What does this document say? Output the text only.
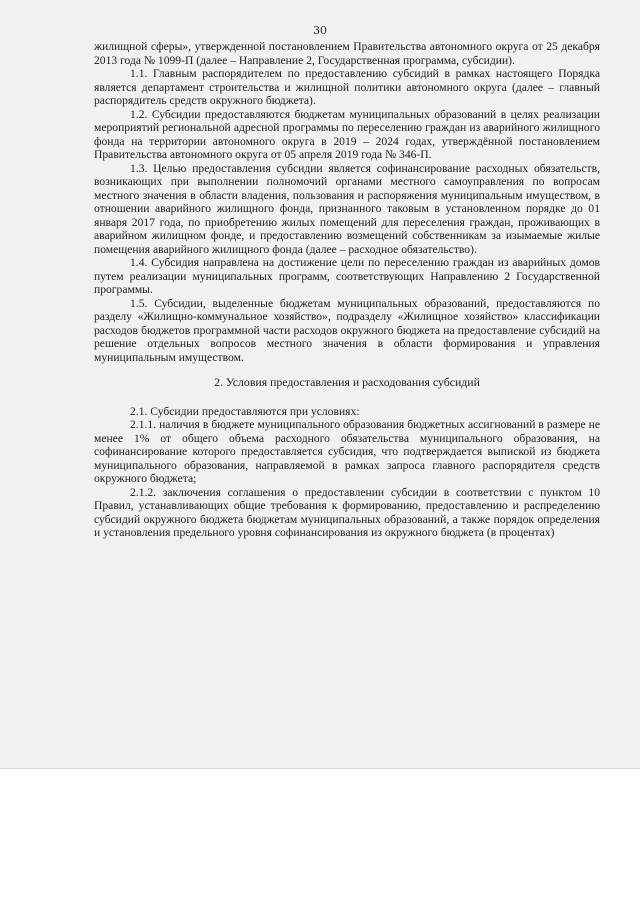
30

жилищной сферы», утвержденной постановлением Правительства автономного округа от 25 декабря 2013 года № 1099-П (далее – Направление 2, Государственная программа, субсидии).

1.1. Главным распорядителем по предоставлению субсидий в рамках настоящего Порядка является департамент строительства и жилищной политики автономного округа (далее – главный распорядитель средств окружного бюджета).

1.2. Субсидии предоставляются бюджетам муниципальных образований в целях реализации мероприятий региональной адресной программы по переселению граждан из аварийного жилищного фонда на территории автономного округа в 2019 – 2024 годах, утверждённой постановлением Правительства автономного округа от 05 апреля 2019 года № 346-П.

1.3. Целью предоставления субсидии является софинансирование расходных обязательств, возникающих при выполнении полномочий органами местного самоуправления по вопросам местного значения в области владения, пользования и распоряжения муниципальным имуществом, в отношении аварийного жилищного фонда, признанного таковым в установленном порядке до 01 января 2017 года, по приобретению жилых помещений для переселения граждан, проживающих в аварийном жилищном фонде, и предоставлению возмещений собственникам за изымаемые жилые помещения аварийного жилищного фонда (далее – расходное обязательство).

1.4. Субсидия направлена на достижение цели по переселению граждан из аварийных домов путем реализации муниципальных программ, соответствующих Направлению 2 Государственной программы.

1.5. Субсидии, выделенные бюджетам муниципальных образований, предоставляются по разделу «Жилищно-коммунальное хозяйство», подразделу «Жилищное хозяйство» классификации расходов бюджетов программной части расходов окружного бюджета на предоставление субсидий на решение отдельных вопросов местного значения в области формирования и управления муниципальным имуществом.

2. Условия предоставления и расходования субсидий

2.1. Субсидии предоставляются при условиях:

2.1.1. наличия в бюджете муниципального образования бюджетных ассигнований в размере не менее 1% от общего объема расходного обязательства муниципального образования, на софинансирование которого предоставляется субсидия, что подтверждается выпиской из бюджета муниципального образования, направляемой в рамках запроса главного распорядителя средств окружного бюджета;

2.1.2. заключения соглашения о предоставлении субсидии в соответствии с пунктом 10 Правил, устанавливающих общие требования к формированию, предоставлению и распределению субсидий окружного бюджета бюджетам муниципальных образований, а также порядок определения и установления предельного уровня софинансирования из окружного бюджета (в процентах)
